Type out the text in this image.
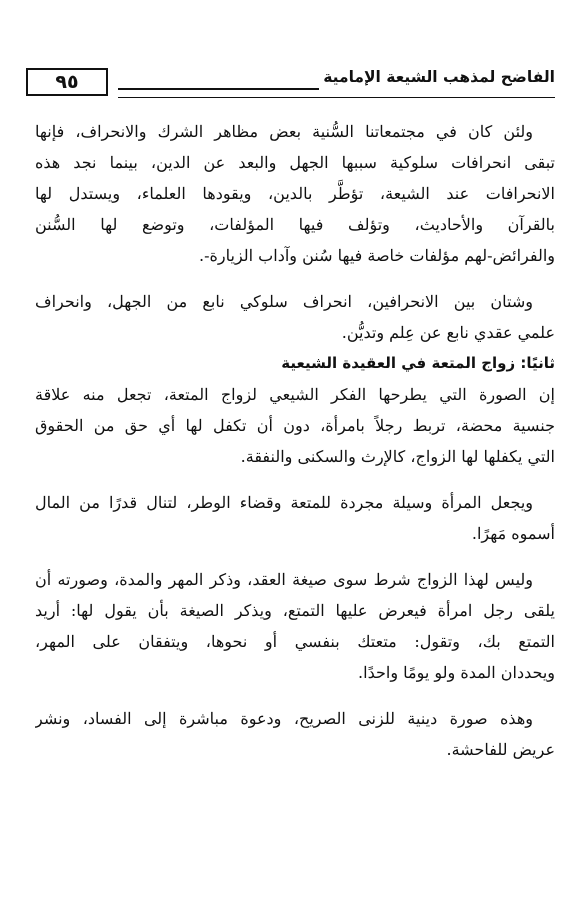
٩٥	الفاضح لمذهب الشيعة الإمامية
ولئن كان في مجتمعاتنا السُّنية بعض مظاهر الشرك والانحراف، فإنها
تبقى انحرافات سلوكية سببها الجهل والبعد عن الدين، بينما نجد هذه
الانحرافات عند الشيعة، تؤطَّر بالدين، ويقودها العلماء، ويستدل لها
بالقرآن والأحاديث، وتؤلف فيها المؤلفات، وتوضع لها السُّنن
والفرائض-لهم مؤلفات خاصة فيها سُنن وآداب الزيارة-.
وشتان بين الانحرافين، انحراف سلوكي نابع من الجهل، وانحراف
علمي عقدي نابع عن عِلم وتديُّن.
ثانيًا: زواج المتعة في العقيدة الشيعية
إن الصورة التي يطرحها الفكر الشيعي لزواج المتعة، تجعل منه علاقة
جنسية محضة، تربط رجلاً بامرأة، دون أن تكفل لها أي حق من الحقوق
التي يكفلها لها الزواج، كالإرث والسكنى والنفقة.
ويجعل المرأة وسيلة مجردة للمتعة وقضاء الوطر، لتنال قدرًا من المال
أسموه مَهرًا.
وليس لهذا الزواج شرط سوى صيغة العقد، وذكر المهر والمدة، وصورته أن
يلقى رجل امرأة فيعرض عليها التمتع، ويذكر الصيغة بأن يقول لها: أريد
التمتع بك، وتقول: متعتك بنفسي أو نحوها، ويتفقان على المهر،
ويحددان المدة ولو يومًا واحدًا.
وهذه صورة دينية للزنى الصريح، ودعوة مباشرة إلى الفساد، ونشر
عريض للفاحشة.
